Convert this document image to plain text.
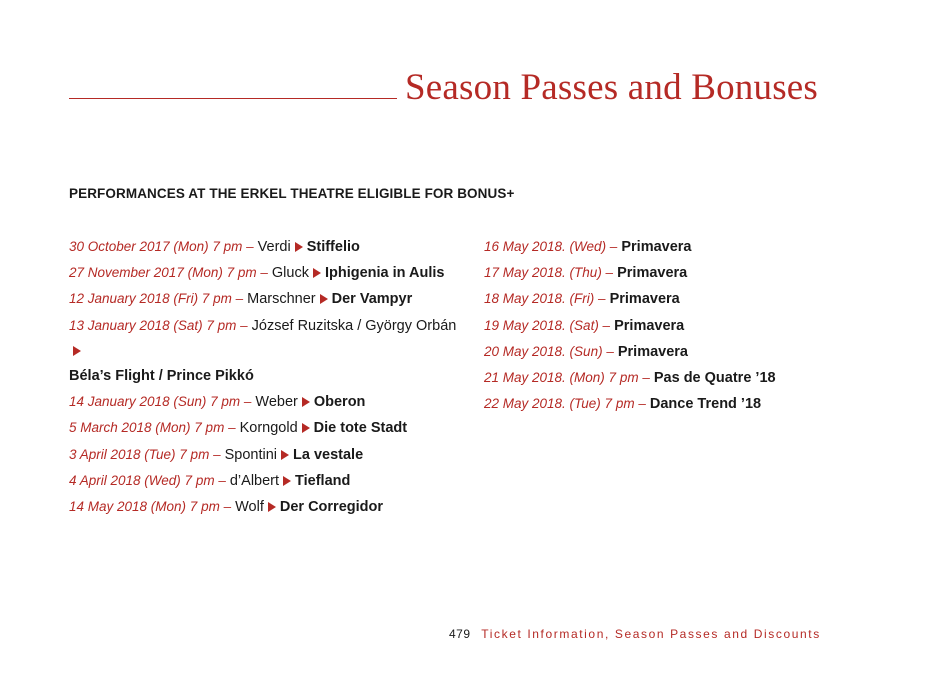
Season Passes and Bonuses
PERFORMANCES AT THE ERKEL THEATRE ELIGIBLE FOR BONUS+

30 October 2017 (Mon) 7 pm – Verdi Stiffelio

27 November 2017 (Mon) 7 pm – Gluck Iphigenia in Aulis

12 January 2018 (Fri) 7 pm – Marschner Der Vampyr

13 January 2018 (Sat) 7 pm – József Ruzitska / György Orbán
Béla’s Flight / Prince Pikkó

14 January 2018 (Sun) 7 pm – Weber Oberon

5 March 2018 (Mon) 7 pm – Korngold Die tote Stadt

3 April 2018 (Tue) 7 pm – Spontini La vestale

4 April 2018 (Wed) 7 pm – d’Albert Tiefland

14 May 2018 (Mon) 7 pm – Wolf Der Corregidor

16 May 2018. (Wed) – Primavera

17 May 2018. (Thu) – Primavera

18 May 2018. (Fri) – Primavera

19 May 2018. (Sat) – Primavera

20 May 2018. (Sun) – Primavera

21 May 2018. (Mon) 7 pm – Pas de Quatre ’18

22 May 2018. (Tue) 7 pm – Dance Trend ’18

479 Ticket Information, Season Passes and Discounts
